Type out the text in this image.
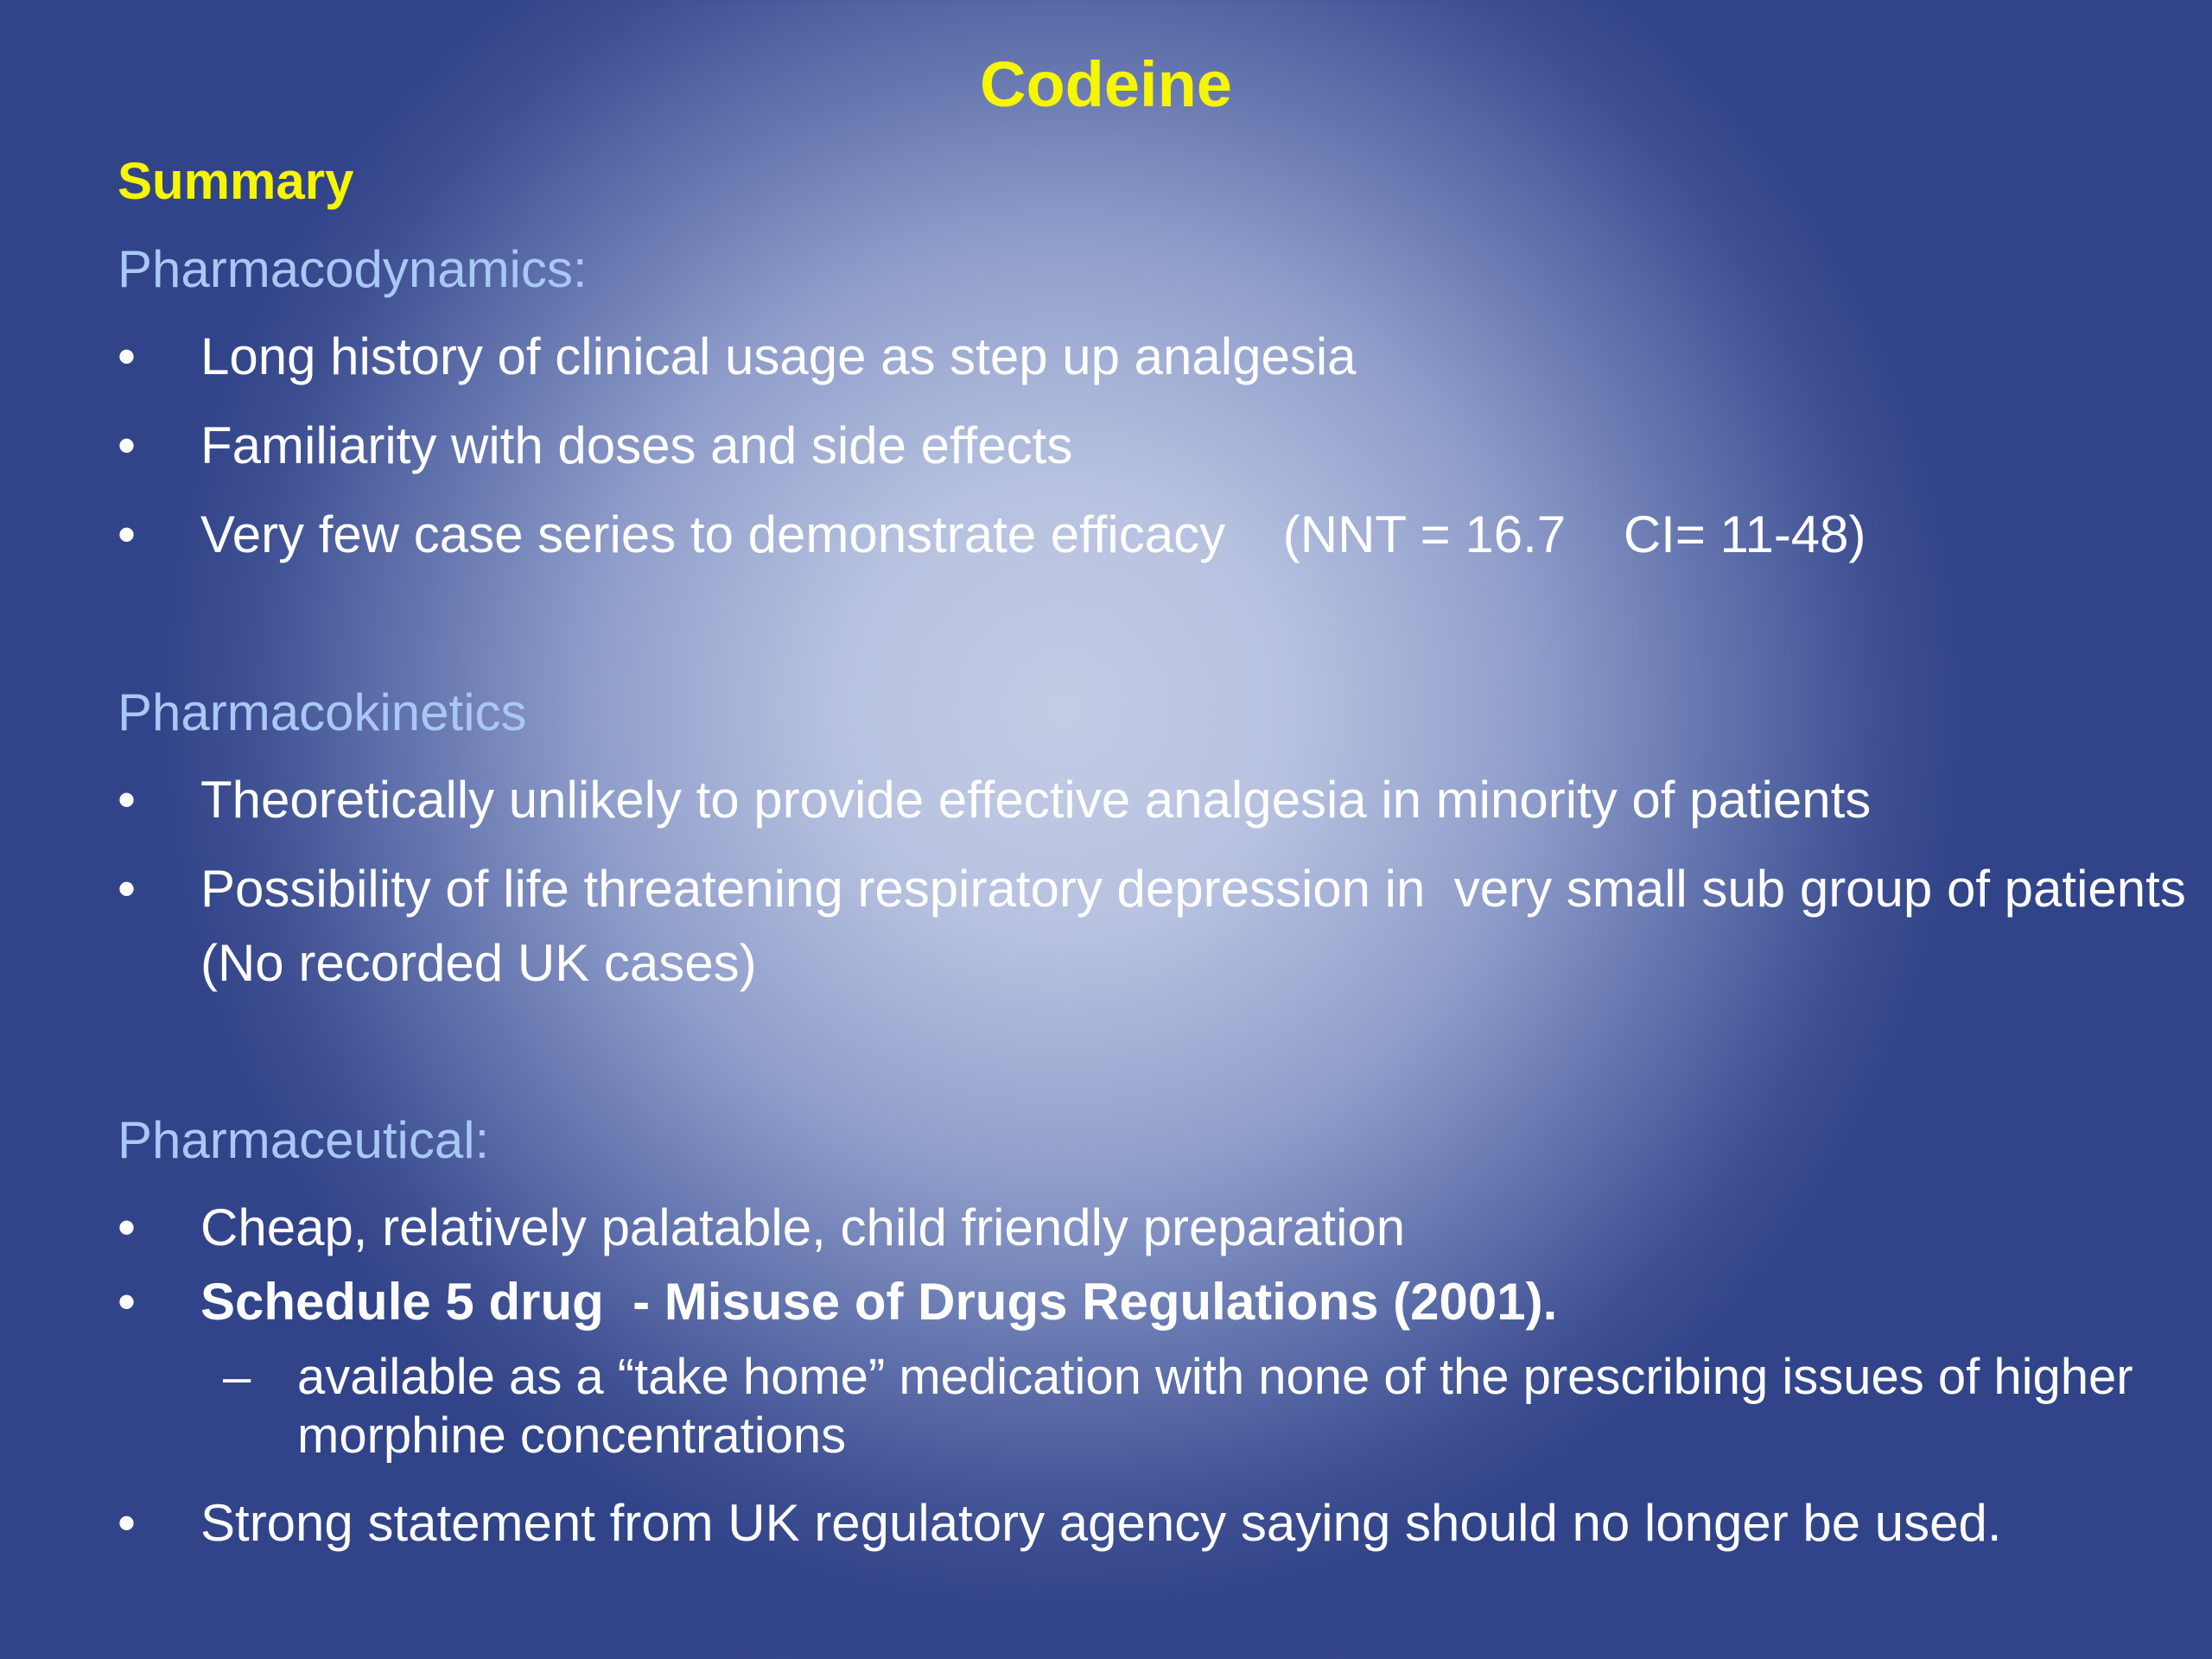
Codeine
Summary
Pharmacodynamics:
•	Long history of clinical usage as step up analgesia
•	Familiarity with doses and side effects
•	Very few case series to demonstrate efficacy    (NNT = 16.7    CI= 11-48)
Pharmacokinetics
•	Theoretically unlikely to provide effective analgesia in minority of patients
•	Possibility of life threatening respiratory depression in  very small sub group of patients (No recorded UK cases)
Pharmaceutical:
•	Cheap, relatively palatable, child friendly preparation
•	Schedule 5 drug  - Misuse of Drugs Regulations (2001).
– available as a “take home” medication with none of the prescribing issues of higher morphine concentrations
•	Strong statement from UK regulatory agency saying should no longer be used.
